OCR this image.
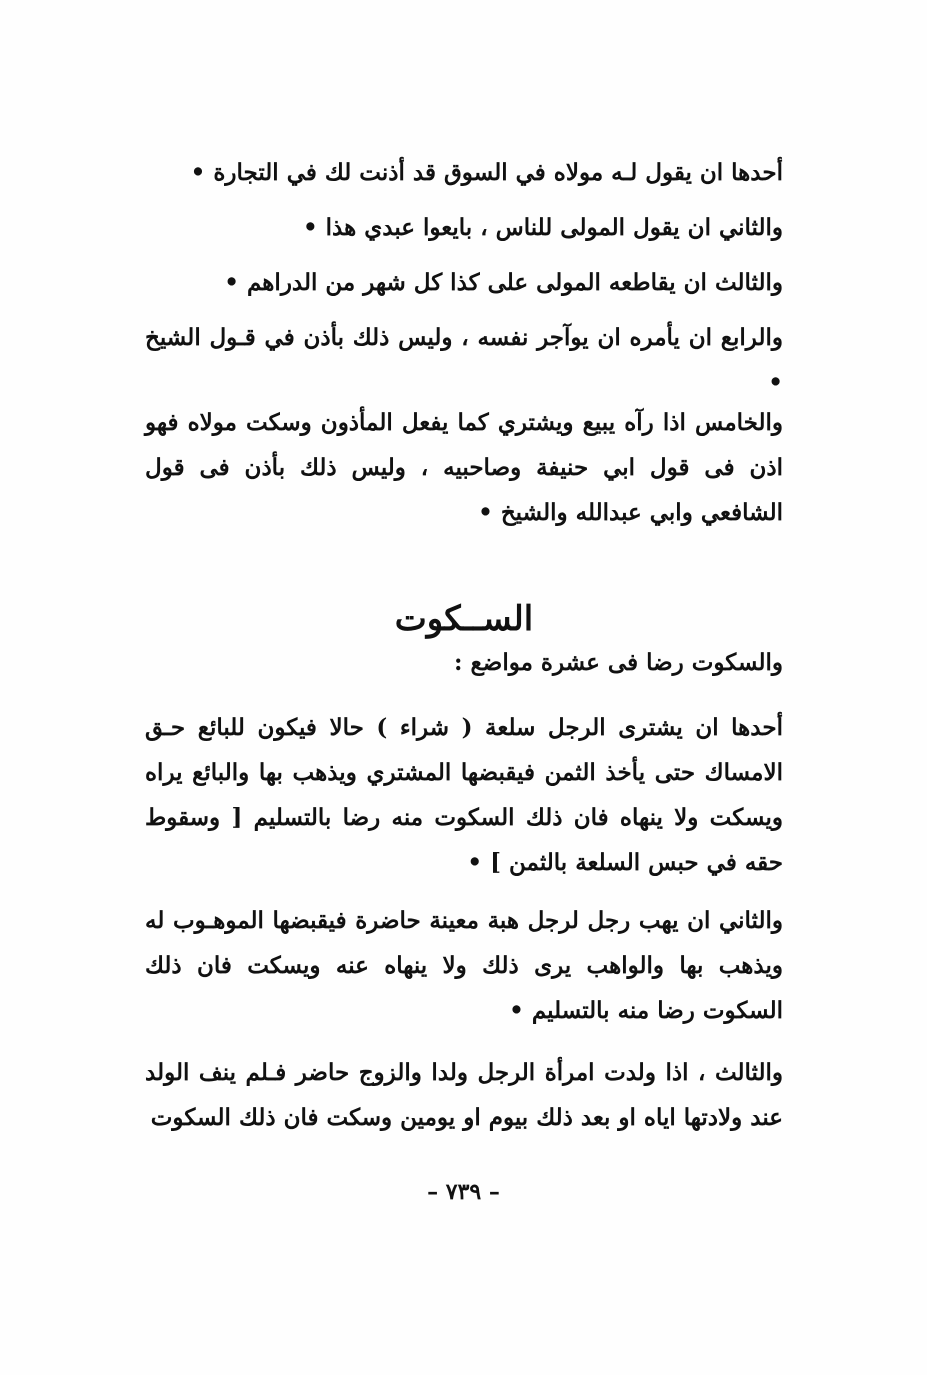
أحدها ان يقول لـه مولاه في السوق قد أذنت لك في التجارة •

والثاني ان يقول المولى للناس ، بايعوا عبدي هذا •

والثالث ان يقاطعه المولى على كذا كل شهر من الدراهم •

والرابع ان يأمره ان يوآجر نفسه ، وليس ذلك بأذن في قـول الشيخ •

والخامس اذا رآه يبيع ويشتري كما يفعل المأذون وسكت مولاه فهو اذن فى قول ابي حنيفة وصاحبيه ، وليس ذلك بأذن فى قول الشافعي وابي عبدالله والشيخ •

الســكوت

والسكوت رضا فى عشرة مواضع :

أحدها ان يشترى الرجل سلعة ( شراء ) حالا فيكون للبائع حـق الامساك حتى يأخذ الثمن فيقبضها المشتري ويذهب بها والبائع يراه ويسكت ولا ينهاه فان ذلك السكوت منه رضا بالتسليم [ وسقوط حقه في حبس السلعة بالثمن ] •

والثاني ان يهب رجل لرجل هبة معينة حاضرة فيقبضها الموهـوب له ويذهب بها والواهب يرى ذلك ولا ينهاه عنه ويسكت فان ذلك السكوت رضا منه بالتسليم •

والثالث ، اذا ولدت امرأة الرجل ولدا والزوج حاضر فـلم ينف الولد عند ولادتها اياه او بعد ذلك بيوم او يومين وسكت فان ذلك السكوت

– ٧٣٩ –
